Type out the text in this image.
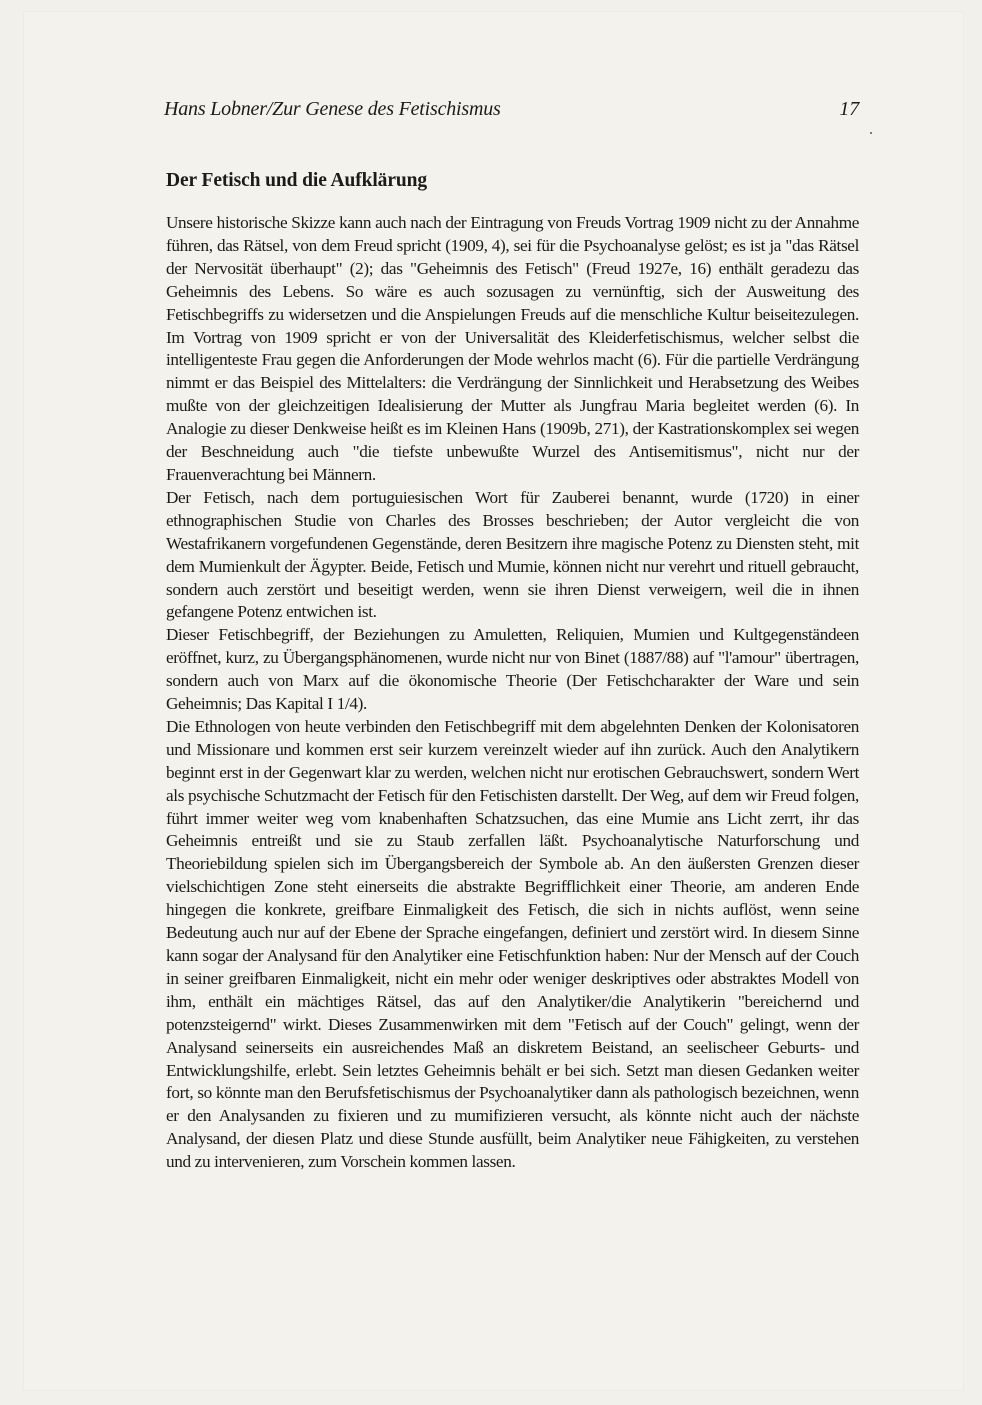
Hans Lobner/Zur Genese des Fetischismus	17
Der Fetisch und die Aufklärung

Unsere historische Skizze kann auch nach der Eintragung von Freuds Vortrag 1909 nicht zu der Annahme führen, das Rätsel, von dem Freud spricht (1909, 4), sei für die Psychoanalyse gelöst; es ist ja "das Rätsel der Nervosität überhaupt" (2); das "Geheimnis des Fetisch" (Freud 1927e, 16) enthält geradezu das Geheimnis des Lebens. So wäre es auch sozusagen zu vernünftig, sich der Ausweitung des Fetischbegriffs zu widersetzen und die Anspielungen Freuds auf die menschliche Kultur beiseitezulegen. Im Vortrag von 1909 spricht er von der Universalität des Kleiderfetischismus, welcher selbst die intelligenteste Frau gegen die Anforderungen der Mode wehrlos macht (6). Für die partielle Verdrängung nimmt er das Beispiel des Mittelalters: die Verdrängung der Sinnlichkeit und Herabsetzung des Weibes mußte von der gleichzeitigen Idealisierung der Mutter als Jungfrau Maria begleitet werden (6). In Analogie zu dieser Denkweise heißt es im Kleinen Hans (1909b, 271), der Kastrationskomplex sei wegen der Beschneidung auch "die tiefste unbewußte Wurzel des Antisemitismus", nicht nur der Frauenverachtung bei Männern.

Der Fetisch, nach dem portuguiesischen Wort für Zauberei benannt, wurde (1720) in einer ethnographischen Studie von Charles des Brosses beschrieben; der Autor vergleicht die von Westafrikanern vorgefundenen Gegenstände, deren Besitzern ihre magische Potenz zu Diensten steht, mit dem Mumienkult der Ägypter. Beide, Fetisch und Mumie, können nicht nur verehrt und rituell gebraucht, sondern auch zerstört und beseitigt werden, wenn sie ihren Dienst verweigern, weil die in ihnen gefangene Potenz entwichen ist.

Dieser Fetischbegriff, der Beziehungen zu Amuletten, Reliquien, Mumien und Kultgegenständeen eröffnet, kurz, zu Übergangsphänomenen, wurde nicht nur von Binet (1887/88) auf "l'amour" übertragen, sondern auch von Marx auf die ökonomische Theorie (Der Fetischcharakter der Ware und sein Geheimnis; Das Kapital I 1/4).

Die Ethnologen von heute verbinden den Fetischbegriff mit dem abgelehnten Denken der Kolonisatoren und Missionare und kommen erst seir kurzem vereinzelt wieder auf ihn zurück. Auch den Analytikern beginnt erst in der Gegenwart klar zu werden, welchen nicht nur erotischen Gebrauchswert, sondern Wert als psychische Schutzmacht der Fetisch für den Fetischisten darstellt. Der Weg, auf dem wir Freud folgen, führt immer weiter weg vom knabenhaften Schatzsuchen, das eine Mumie ans Licht zerrt, ihr das Geheimnis entreißt und sie zu Staub zerfallen läßt. Psychoanalytische Naturforschung und Theoriebildung spielen sich im Übergangsbereich der Symbole ab. An den äußersten Grenzen dieser vielschichtigen Zone steht einerseits die abstrakte Begrifflichkeit einer Theorie, am anderen Ende hingegen die konkrete, greifbare Einmaligkeit des Fetisch, die sich in nichts auflöst, wenn seine Bedeutung auch nur auf der Ebene der Sprache eingefangen, definiert und zerstört wird. In diesem Sinne kann sogar der Analysand für den Analytiker eine Fetischfunktion haben: Nur der Mensch auf der Couch in seiner greifbaren Einmaligkeit, nicht ein mehr oder weniger deskriptives oder abstraktes Modell von ihm, enthält ein mächtiges Rätsel, das auf den Analytiker/die Analytikerin "bereichernd und potenzsteigernd" wirkt. Dieses Zusammenwirken mit dem "Fetisch auf der Couch" gelingt, wenn der Analysand seinerseits ein ausreichendes Maß an diskretem Beistand, an seelischeer Geburts- und Entwicklungshilfe, erlebt. Sein letztes Geheimnis behält er bei sich. Setzt man diesen Gedanken weiter fort, so könnte man den Berufsfetischismus der Psychoanalytiker dann als pathologisch bezeichnen, wenn er den Analysanden zu fixieren und zu mumifizieren versucht, als könnte nicht auch der nächste Analysand, der diesen Platz und diese Stunde ausfüllt, beim Analytiker neue Fähigkeiten, zu verstehen und zu intervenieren, zum Vorschein kommen lassen.
